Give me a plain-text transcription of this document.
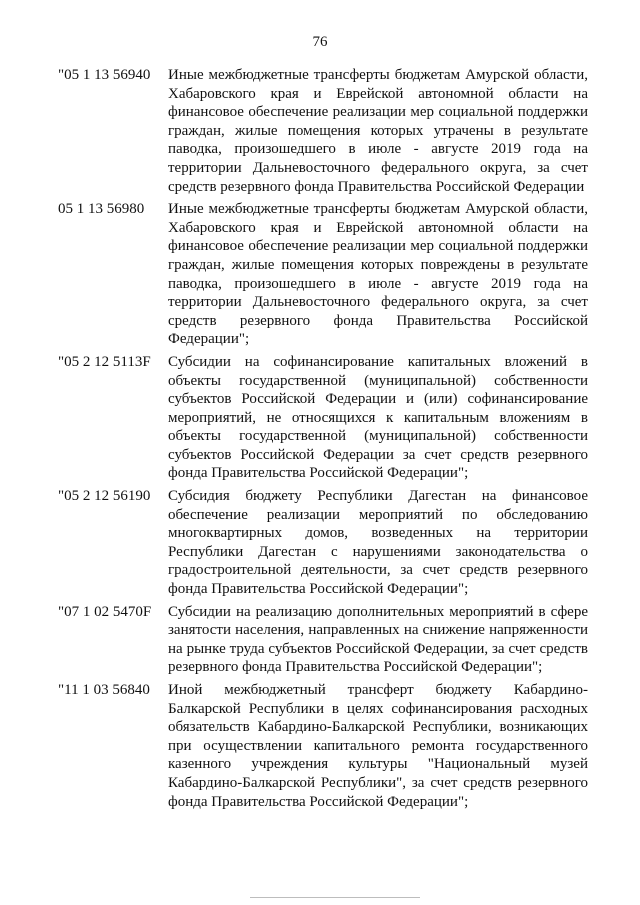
76
"05 1 13 56940	Иные межбюджетные трансферты бюджетам Амурской области, Хабаровского края и Еврейской автономной области на финансовое обеспечение реализации мер социальной поддержки граждан, жилые помещения которых утрачены в результате паводка, произошедшего в июле - августе 2019 года на территории Дальневосточного федерального округа, за счет средств резервного фонда Правительства Российской Федерации
05 1 13 56980	Иные межбюджетные трансферты бюджетам Амурской области, Хабаровского края и Еврейской автономной области на финансовое обеспечение реализации мер социальной поддержки граждан, жилые помещения которых повреждены в результате паводка, произошедшего в июле - августе 2019 года на территории Дальневосточного федерального округа, за счет средств резервного фонда Правительства Российской Федерации";
"05 2 12 5113F	Субсидии на софинансирование капитальных вложений в объекты государственной (муниципальной) собственности субъектов Российской Федерации и (или) софинансирование мероприятий, не относящихся к капитальным вложениям в объекты государственной (муниципальной) собственности субъектов Российской Федерации за счет средств резервного фонда Правительства Российской Федерации";
"05 2 12 56190	Субсидия бюджету Республики Дагестан на финансовое обеспечение реализации мероприятий по обследованию многоквартирных домов, возведенных на территории Республики Дагестан с нарушениями законодательства о градостроительной деятельности, за счет средств резервного фонда Правительства Российской Федерации";
"07 1 02 5470F	Субсидии на реализацию дополнительных мероприятий в сфере занятости населения, направленных на снижение напряженности на рынке труда субъектов Российской Федерации, за счет средств резервного фонда Правительства Российской Федерации";
"11 1 03 56840	Иной межбюджетный трансферт бюджету Кабардино-Балкарской Республики в целях софинансирования расходных обязательств Кабардино-Балкарской Республики, возникающих при осуществлении капитального ремонта государственного казенного учреждения культуры "Национальный музей Кабардино-Балкарской Республики", за счет средств резервного фонда Правительства Российской Федерации";
